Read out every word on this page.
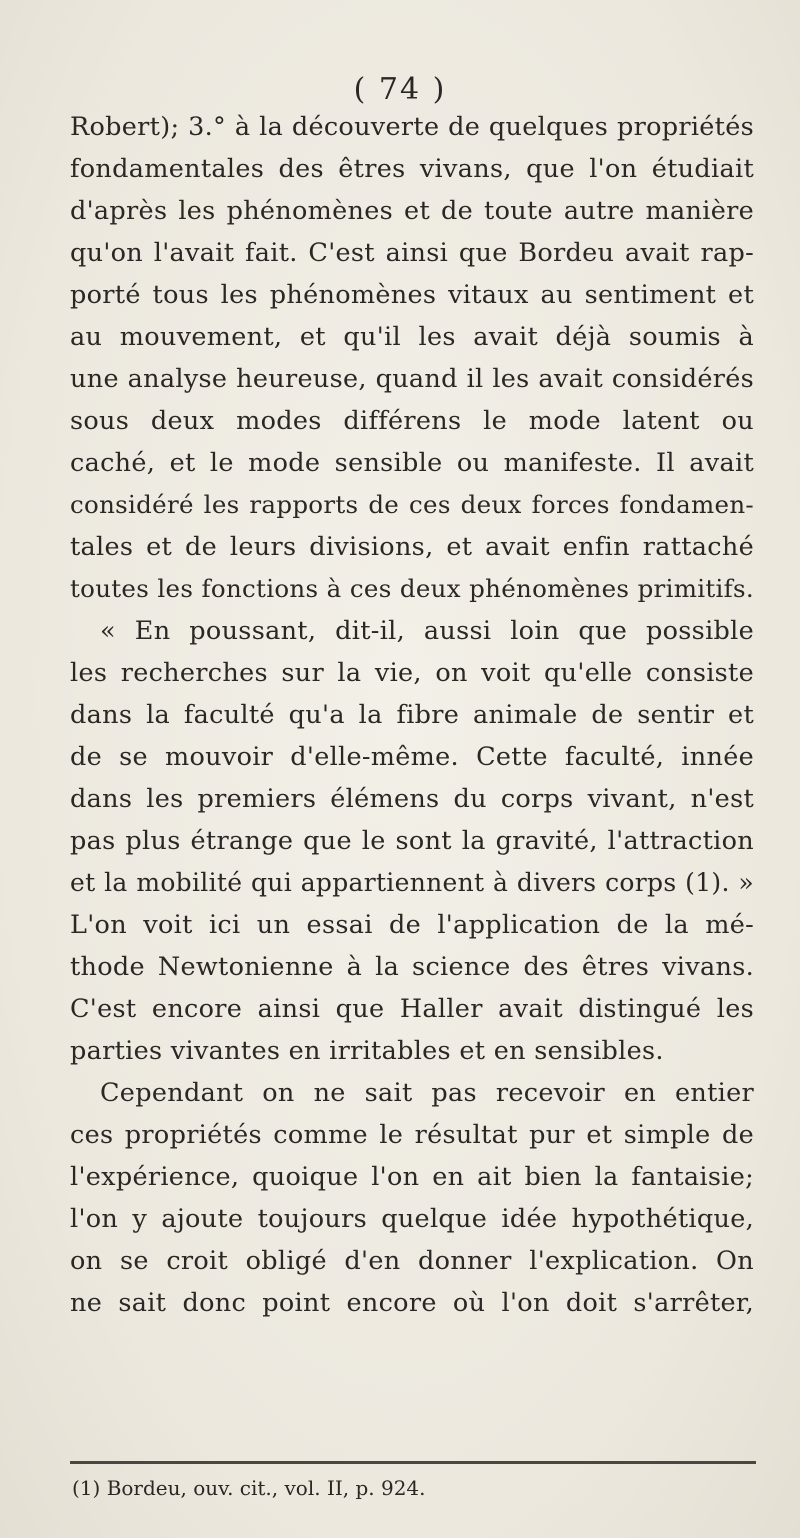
( 74 )
Robert); 3.° à la découverte de quelques propriétés
fondamentales des êtres vivans, que l'on étudiait
d'après les phénomènes et de toute autre manière
qu'on l'avait fait. C'est ainsi que Bordeu avait rap-
porté tous les phénomènes vitaux au sentiment et
au mouvement, et qu'il les avait déjà soumis à
une analyse heureuse, quand il les avait considérés
sous deux modes différens le mode latent ou
caché, et le mode sensible ou manifeste. Il avait
considéré les rapports de ces deux forces fondamen-
tales et de leurs divisions, et avait enfin rattaché
toutes les fonctions à ces deux phénomènes primitifs.
« En poussant, dit-il, aussi loin que possible
les recherches sur la vie, on voit qu'elle consiste
dans la faculté qu'a la fibre animale de sentir et
de se mouvoir d'elle-même. Cette faculté, innée
dans les premiers élémens du corps vivant, n'est
pas plus étrange que le sont la gravité, l'attraction
et la mobilité qui appartiennent à divers corps (1). »
L'on voit ici un essai de l'application de la mé-
thode Newtonienne à la science des êtres vivans.
C'est encore ainsi que Haller avait distingué les
parties vivantes en irritables et en sensibles.
Cependant on ne sait pas recevoir en entier
ces propriétés comme le résultat pur et simple de
l'expérience, quoique l'on en ait bien la fantaisie;
l'on y ajoute toujours quelque idée hypothétique,
on se croit obligé d'en donner l'explication. On
ne sait donc point encore où l'on doit s'arrêter,
(1) Bordeu, ouv. cit., vol. II, p. 924.
